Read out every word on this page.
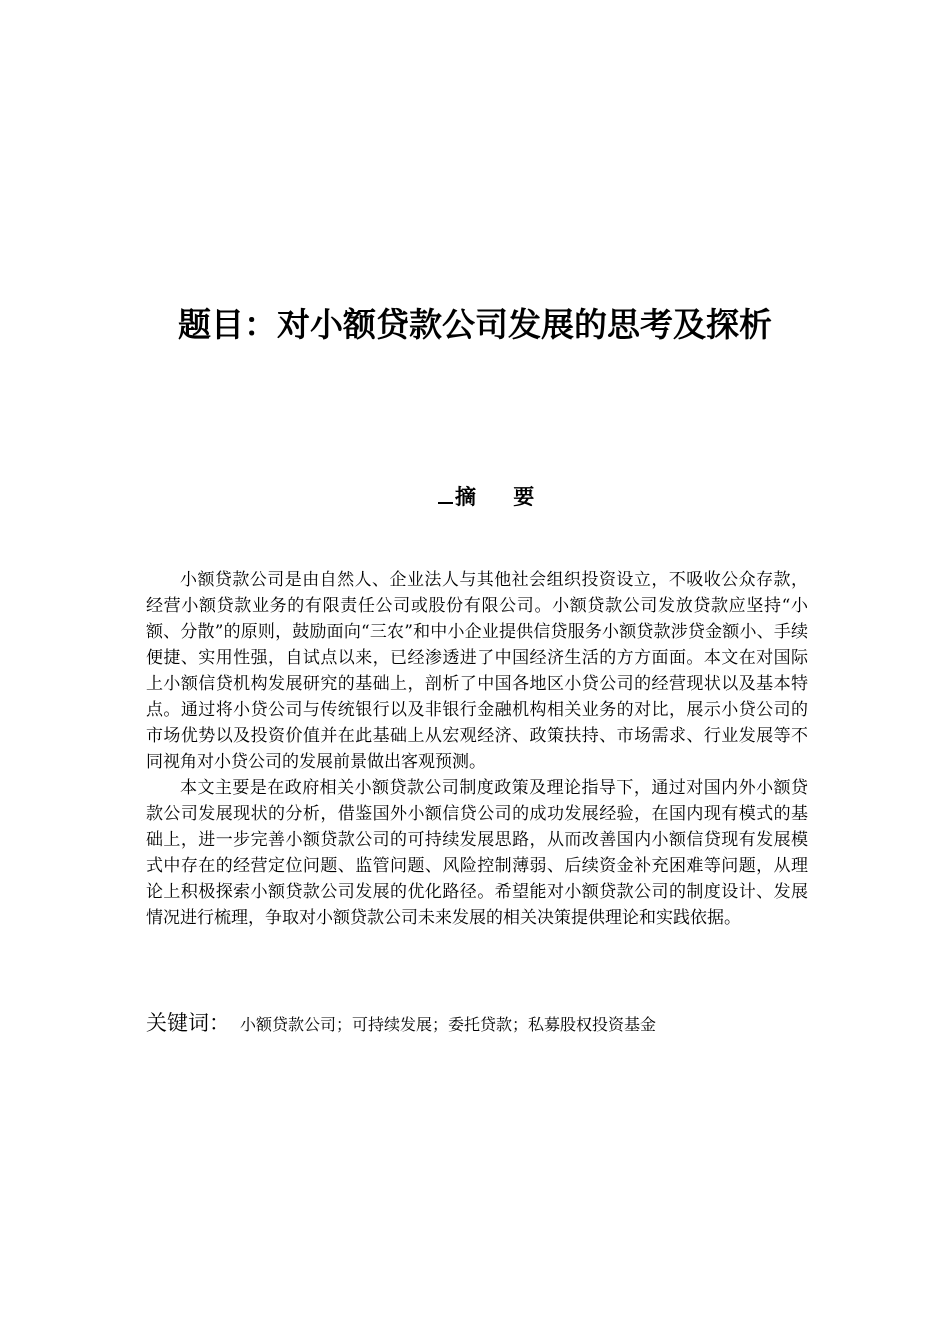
题目：对小额贷款公司发展的思考及探析
摘 要

小额贷款公司是由自然人、企业法人与其他社会组织投资设立，不吸收公众存款，经营小额贷款业务的有限责任公司或股份有限公司。小额贷款公司发放贷款应坚持“小额、分散”的原则，鼓励面向“三农”和中小企业提供信贷服务小额贷款涉贷金额小、手续便捷、实用性强，自试点以来，已经渗透进了中国经济生活的方方面面。本文在对国际上小额信贷机构发展研究的基础上，剖析了中国各地区小贷公司的经营现状以及基本特点。通过将小贷公司与传统银行以及非银行金融机构相关业务的对比，展示小贷公司的市场优势以及投资价值并在此基础上从宏观经济、政策扶持、市场需求、行业发展等不同视角对小贷公司的发展前景做出客观预测。

本文主要是在政府相关小额贷款公司制度政策及理论指导下，通过对国内外小额贷款公司发展现状的分析，借鉴国外小额信贷公司的成功发展经验，在国内现有模式的基础上，进一步完善小额贷款公司的可持续发展思路，从而改善国内小额信贷现有发展模式中存在的经营定位问题、监管问题、风险控制薄弱、后续资金补充困难等问题，从理论上积极探索小额贷款公司发展的优化路径。希望能对小额贷款公司的制度设计、发展情况进行梳理，争取对小额贷款公司未来发展的相关决策提供理论和实践依据。

关键词： 小额贷款公司；可持续发展；委托贷款；私募股权投资基金
